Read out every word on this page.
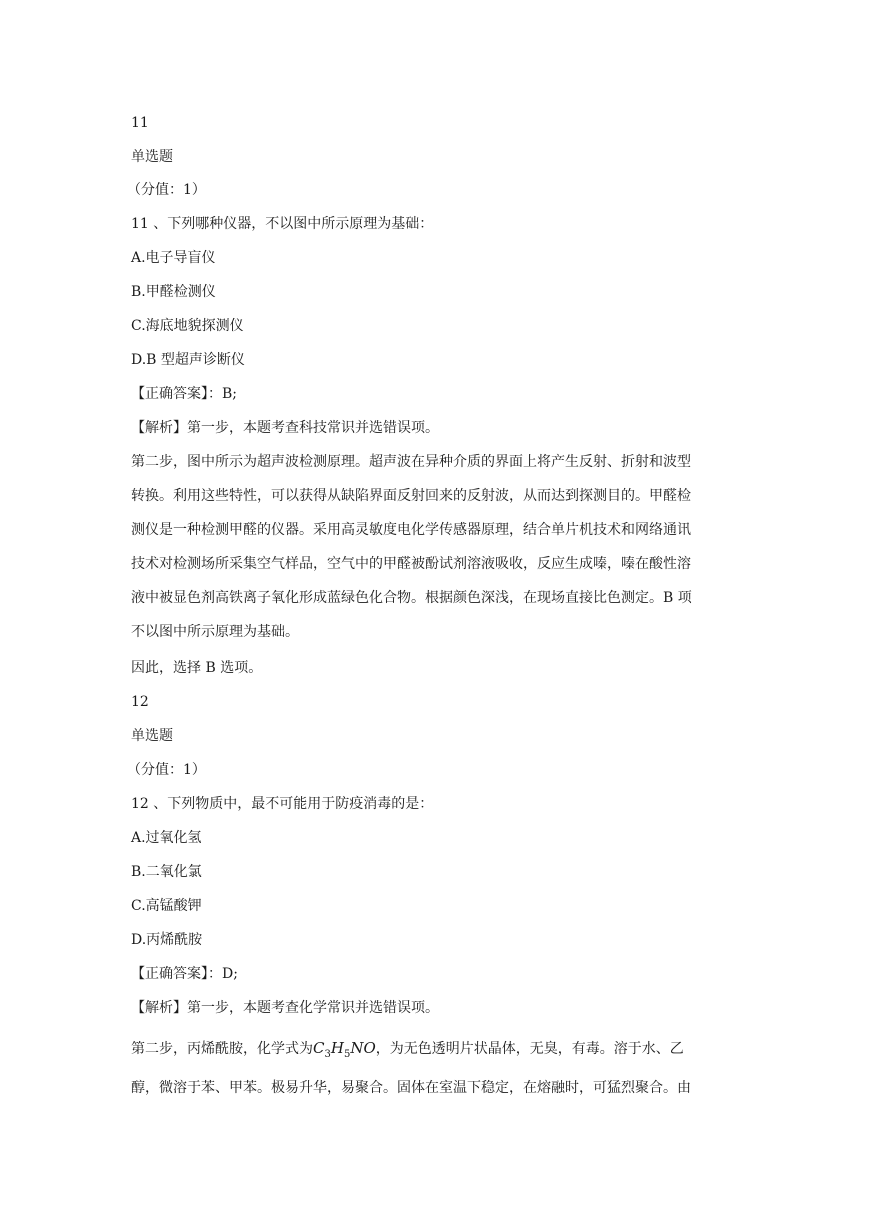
11
单选题
（分值：1）
11 、下列哪种仪器，不以图中所示原理为基础：
A.电子导盲仪
B.甲醛检测仪
C.海底地貌探测仪
D.B 型超声诊断仪
【正确答案】：B;
【解析】第一步，本题考查科技常识并选错误项。
第二步，图中所示为超声波检测原理。超声波在异种介质的界面上将产生反射、折射和波型
转换。利用这些特性，可以获得从缺陷界面反射回来的反射波，从而达到探测目的。甲醛检
测仪是一种检测甲醛的仪器。采用高灵敏度电化学传感器原理，结合单片机技术和网络通讯
技术对检测场所采集空气样品，空气中的甲醛被酚试剂溶液吸收，反应生成嗪，嗪在酸性溶
液中被显色剂高铁离子氧化形成蓝绿色化合物。根据颜色深浅，在现场直接比色测定。B 项
不以图中所示原理为基础。
因此，选择 B 选项。
12
单选题
（分值：1）
12 、下列物质中，最不可能用于防疫消毒的是：
A.过氧化氢
B.二氧化氯
C.高锰酸钾
D.丙烯酰胺
【正确答案】：D;
【解析】第一步，本题考查化学常识并选错误项。
第二步，丙烯酰胺，化学式为$C_3H_5NO$，为无色透明片状晶体，无臭，有毒。溶于水、乙
醇，微溶于苯、甲苯。极易升华，易聚合。固体在室温下稳定，在熔融时，可猛烈聚合。由
